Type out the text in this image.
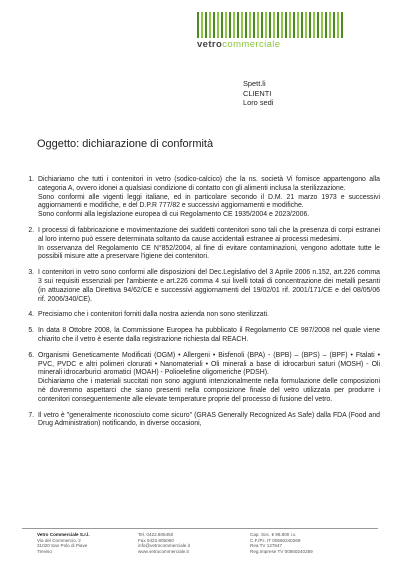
vetrocommerciale
Spett.li
CLIENTI
Loro sedi
Oggetto: dichiarazione di conformità
1. Dichiariamo che tutti i contenitori in vetro (sodico-calcico) che la ns. società Vi fornisce appartengono alla categoria A, ovvero idonei a qualsiasi condizione di contatto con gli alimenti inclusa la sterilizzazione.
Sono conformi alle vigenti leggi italiane, ed in particolare secondo il D.M. 21 marzo 1973 e successivi aggiornamenti e modifiche, e del D.P.R 777/82 e successivi aggiornamenti e modifiche.
Sono conformi alla legislazione europea di cui Regolamento CE 1935/2004 e 2023/2006.
2. I processi di fabbricazione e movimentazione dei suddetti contenitori sono tali che la presenza di corpi estranei al loro interno può essere determinata soltanto da cause accidentali estranee ai processi medesimi.
In osservanza del Regolamento CE N°852/2004, al fine di evitare contaminazioni, vengono adottate tutte le possibili misure atte a preservare l'igiene dei contenitori.
3. I contenitori in vetro sono conformi alle disposizioni del Dec.Legislativo del 3 Aprile 2006 n.152, art.226 comma 3 sui requisiti essenziali per l'ambiente e art.226 comma 4 sui livelli totali di concentrazione dei metalli pesanti (in attuazione alla Direttiva 94/62/CE e successivi aggiornamenti del 19/02/01 rif. 2001/171/CE e del 08/05/06 rif. 2006/340/CE).
4. Precisiamo che i contenitori forniti dalla nostra azienda non sono sterilizzati.
5. In data 8 Ottobre 2008, la Commissione Europea ha pubblicato il Regolamento CE 987/2008 nel quale viene chiarito che il vetro è esente dalla registrazione richiesta dal REACH.
6. Organismi Geneticamente Modificati (OGM) • Allergeni • Bisfenoli (BPA) - (BPB) – (BPS) – (BPF) • Ftalati • PVC, PVDC e altri polimeri clorurati • Nanomateriali • Oli minerali a base di idrocarburi saturi (MOSH) - Oli minerali idrocarburici aromatici (MOAH) - Polioelefine oligomeriche (PDSH).
Dichiariamo che i materiali succitati non sono aggiunti intenzionalmente nella formulazione delle composizioni né dovremmo aspettarci che siano presenti nella composizione finale del vetro utilizzata per produrre i contenitori conseguentemente alle elevate temperature proprie del processo di fusione del vetro.
7. Il vetro è "generalmente riconosciuto come sicuro" (GRAS Generally Recognized As Safe) dalla FDA (Food and Drug Administration) notificando, in diverse occasioni,
Vetro Commerciale S.r.l.
Via del Commercio, 2
31020 San Polo di Piave
Treviso
Tel. 0422.805450
Fax 0422.805060
info@vetrocommerciale.it
www.vetrocommerciale.it
Cap. Soc. € 98.800 i.v.
C.F./P.I. IT 00560240269
Rea TV 127647
Reg.Imprese TV 00560240269
